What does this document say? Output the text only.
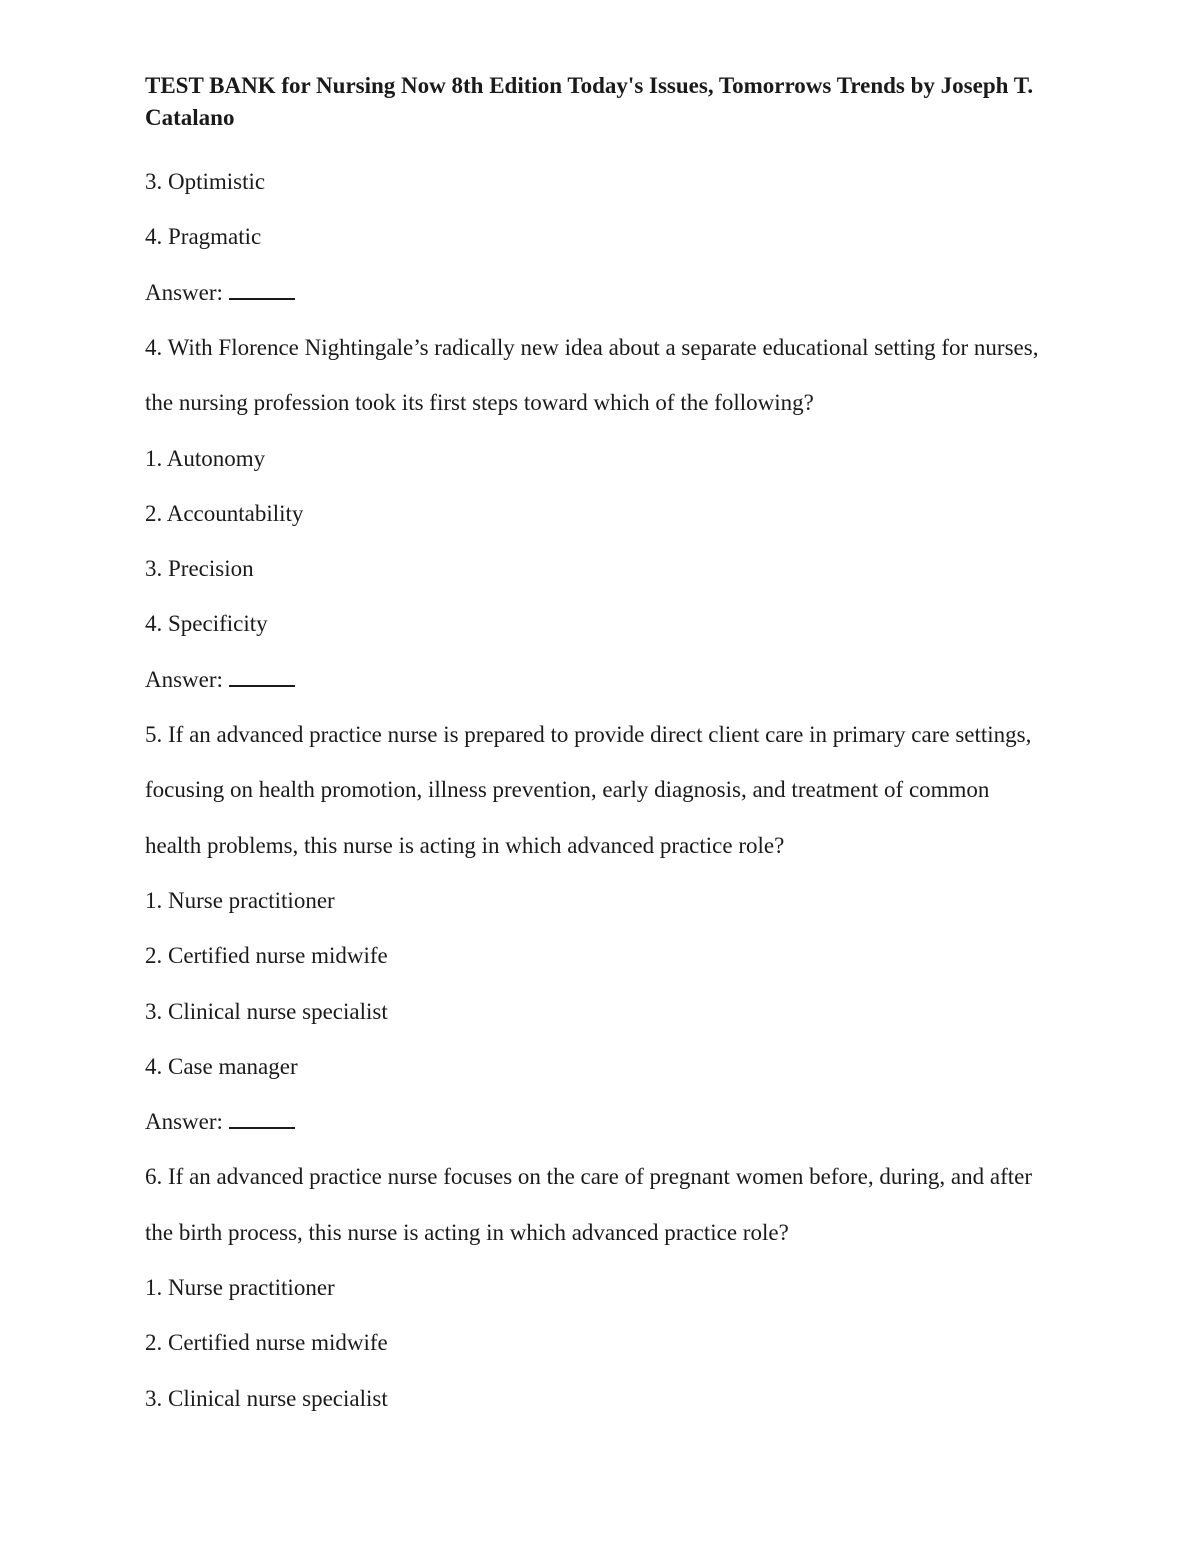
TEST BANK for Nursing Now 8th Edition Today's Issues, Tomorrows Trends by Joseph T. Catalano

3. Optimistic

4. Pragmatic

Answer:

4. With Florence Nightingale’s radically new idea about a separate educational setting for nurses,

the nursing profession took its first steps toward which of the following?

1. Autonomy

2. Accountability

3. Precision

4. Specificity

Answer:

5. If an advanced practice nurse is prepared to provide direct client care in primary care settings,

focusing on health promotion, illness prevention, early diagnosis, and treatment of common

health problems, this nurse is acting in which advanced practice role?

1. Nurse practitioner

2. Certified nurse midwife

3. Clinical nurse specialist

4. Case manager

Answer:

6. If an advanced practice nurse focuses on the care of pregnant women before, during, and after

the birth process, this nurse is acting in which advanced practice role?

1. Nurse practitioner

2. Certified nurse midwife

3. Clinical nurse specialist
